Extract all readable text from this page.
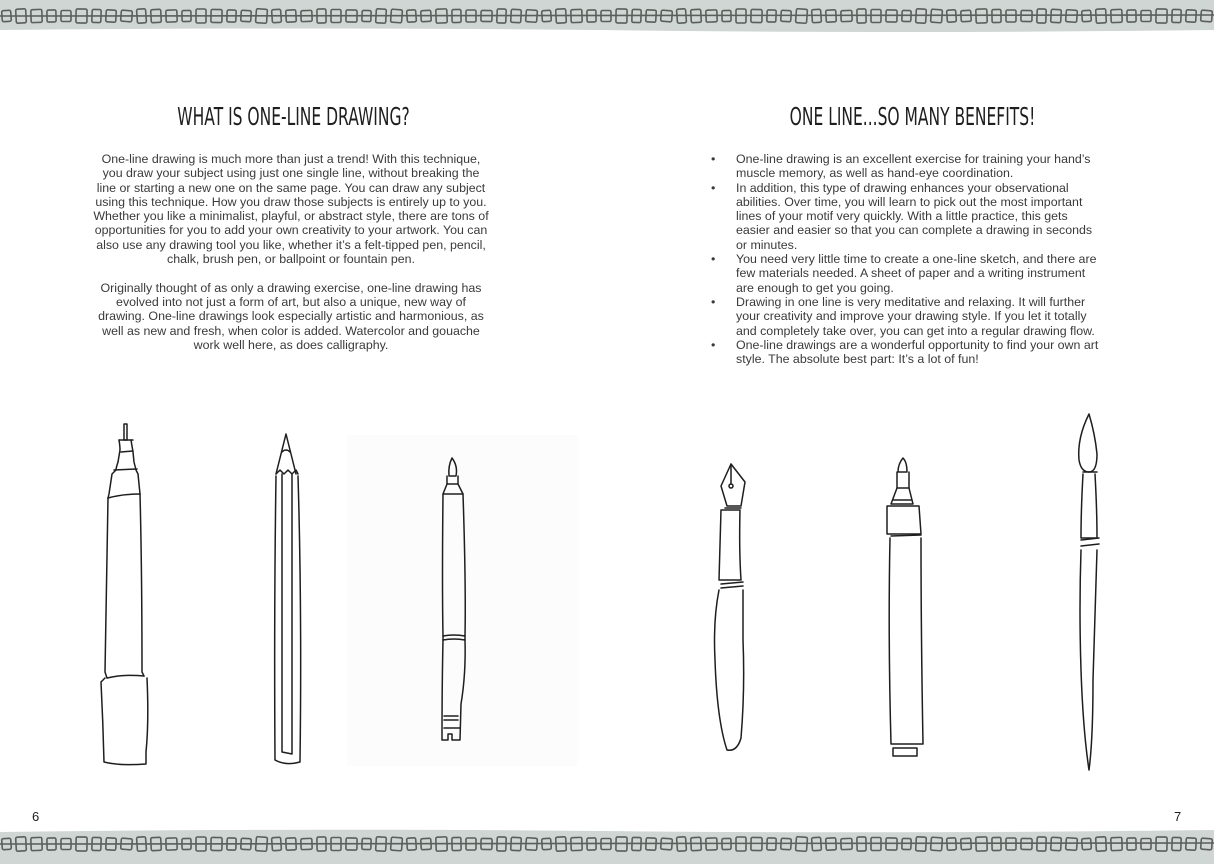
WHAT IS ONE-LINE DRAWING?

One-line drawing is much more than just a trend! With this technique, you draw your subject using just one single line, without breaking the line or starting a new one on the same page. You can draw any subject using this technique. How you draw those subjects is entirely up to you. Whether you like a minimalist, playful, or abstract style, there are tons of opportunities for you to add your own creativity to your artwork. You can also use any drawing tool you like, whether it’s a felt-tipped pen, pencil, chalk, brush pen, or ballpoint or fountain pen.

Originally thought of as only a drawing exercise, one-line drawing has evolved into not just a form of art, but also a unique, new way of drawing. One-line drawings look especially artistic and harmonious, as well as new and fresh, when color is added. Watercolor and gouache work well here, as does calligraphy.

6
ONE LINE...SO MANY BENEFITS!
• One-line drawing is an excellent exercise for training your hand’s muscle memory, as well as hand-eye coordination.
• In addition, this type of drawing enhances your observational abilities. Over time, you will learn to pick out the most important lines of your motif very quickly. With a little practice, this gets easier and easier so that you can complete a drawing in seconds or minutes.
• You need very little time to create a one-line sketch, and there are few materials needed. A sheet of paper and a writing instrument are enough to get you going.
• Drawing in one line is very meditative and relaxing. It will further your creativity and improve your drawing style. If you let it totally and completely take over, you can get into a regular drawing flow.
• One-line drawings are a wonderful opportunity to find your own art style. The absolute best part: It’s a lot of fun!
7
